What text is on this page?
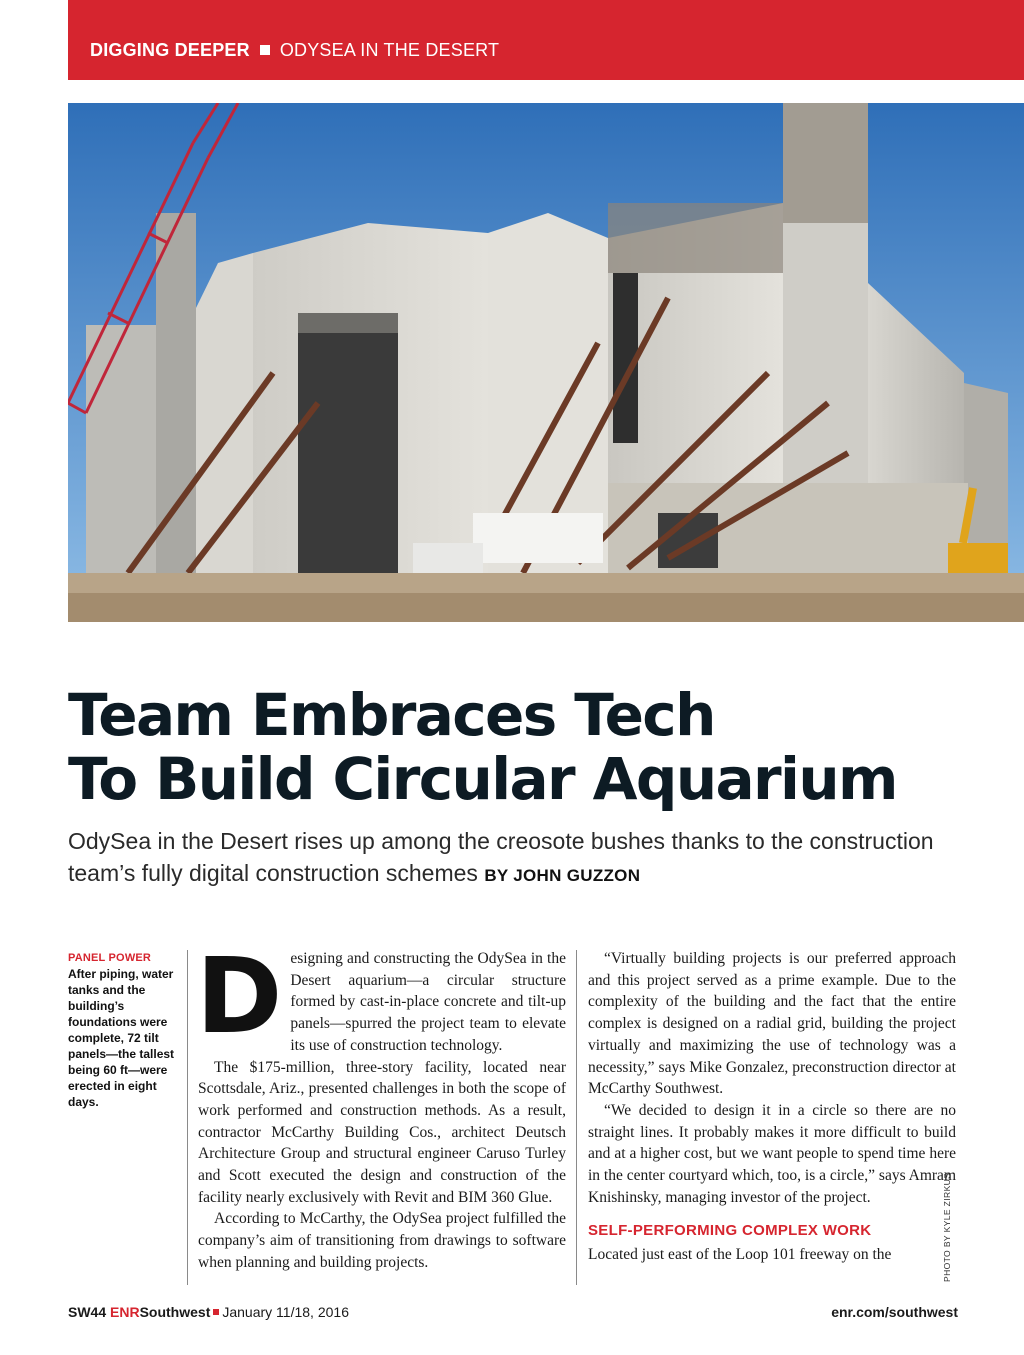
DIGGING DEEPER ODYSEA IN THE DESERT
Team Embraces Tech
To Build Circular Aquarium
OdySea in the Desert rises up among the creosote bushes thanks to the construction team’s fully digital construction schemes BY JOHN GUZZON
PANEL POWER
After piping, water tanks and the building’s foundations were complete, 72 tilt panels—the tallest being 60 ft—were erected in eight days.
D esigning and constructing the OdySea in the Desert aquarium—a circular structure formed by cast-in-place concrete and tilt-up panels—spurred the project team to elevate its use of construction technology.

The $175-million, three-story facility, located near Scottsdale, Ariz., presented challenges in both the scope of work performed and construction methods. As a result, contractor McCarthy Building Cos., architect Deutsch Architecture Group and structural engineer Caruso Turley and Scott executed the design and construction of the facility nearly exclusively with Revit and BIM 360 Glue.

According to McCarthy, the OdySea project fulfilled the company’s aim of transitioning from drawings to software when planning and building projects.

“Virtually building projects is our preferred approach and this project served as a prime example. Due to the complexity of the building and the fact that the entire complex is designed on a radial grid, building the project virtually and maximizing the use of technology was a necessity,” says Mike Gonzalez, preconstruction director at McCarthy Southwest.

“We decided to design it in a circle so there are no straight lines. It probably makes it more difficult to build and at a higher cost, but we want people to spend time here in the center courtyard which, too, is a circle,” says Amram Knishinsky, managing investor of the project.

SELF-PERFORMING COMPLEX WORK

Located just east of the Loop 101 freeway on the	PHOTO BY KYLE ZIRKUS
SW44 ENRSouthwest January 11/18, 2016	enr.com/southwest
